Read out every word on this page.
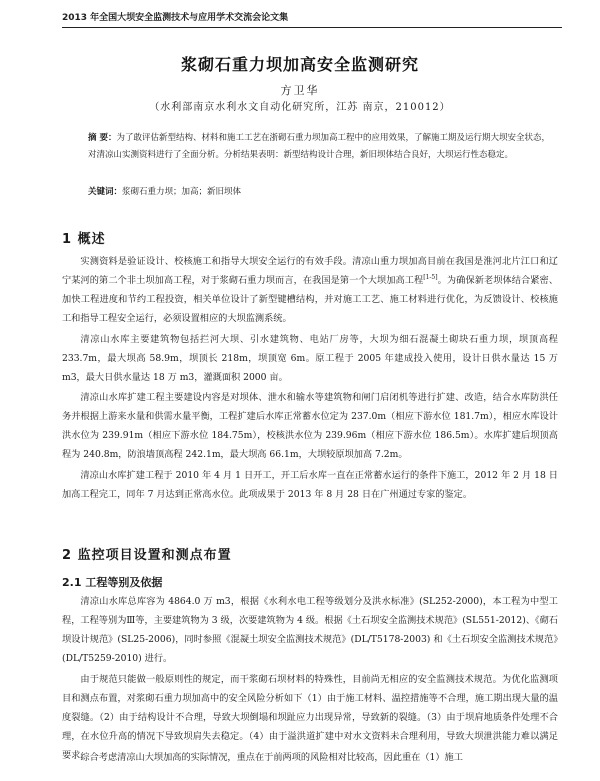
2013 年全国大坝安全监测技术与应用学术交流会论文集
浆砌石重力坝加高安全监测研究
方卫华
（水利部南京水利水文自动化研究所，江苏 南京，210012）
摘 要：为了敢评估新型结构、材料和施工工艺在浙砌石重力坝加高工程中的应用效果，了解施工期及运行期大坝安全状态，对清凉山实测资料进行了全面分析。分析结果表明：新型结构设计合理，新旧坝体结合良好，大坝运行性态稳定。
关键词：浆砌石重力坝；加高；新旧坝体
1 概述
实测资料是验证设计、校核施工和指导大坝安全运行的有效手段。清凉山重力坝加高目前在我国是淮河北片江口和辽宁某河的第二个非土坝加高工程，对于浆砌石重力坝而言，在我国是第一个大坝加高工程[1-5]。为确保新老坝体结合紧密、加快工程进度和节约工程投资，相关单位设计了新型键槽结构，并对施工工艺、施工材料进行优化，为反馈设计、校核施工和指导工程安全运行，必须设置相应的大坝监测系统。
清凉山水库主要建筑物包括拦河大坝、引水建筑物、电站厂房等，大坝为细石混凝土砌块石重力坝，坝顶高程 233.7m，最大坝高 58.9m，坝顶长 218m，坝顶宽 6m。原工程于 2005 年建成投入使用，设计日供水量达 15 万 m3，最大日供水量达 18 万 m3，灌溉面积 2000 亩。
清凉山水库扩建工程主要建设内容是对坝体、泄水和输水等建筑物和闸门启闭机等进行扩建、改造，结合水库防洪任务并根据上游来水量和供需水量平衡，工程扩建后水库正常蓄水位定为 237.0m（相应下游水位 181.7m），相应水库设计洪水位为 239.91m（相应下游水位 184.75m），校核洪水位为 239.96m（相应下游水位 186.5m）。水库扩建后坝顶高程为 240.8m，防浪墙顶高程 242.1m，最大坝高 66.1m，大坝较原坝加高 7.2m。
清凉山水库扩建工程于 2010 年 4 月 1 日开工，开工后水库一直在正常蓄水运行的条件下施工，2012 年 2 月 18 日加高工程完工，同年 7 月达到正常高水位。此项成果于 2013 年 8 月 28 日在广州通过专家的鉴定。
2 监控项目设置和测点布置
2.1 工程等别及依据
清凉山水库总库容为 4864.0 万 m3，根据《水利水电工程等级划分及洪水标准》(SL252-2000)，本工程为中型工程，工程等别为Ⅲ等，主要建筑物为 3 级，次要建筑物为 4 级。根据《土石坝安全监测技术规范》(SL551-2012)、《砌石坝设计规范》(SL25-2006)，同时参照《混凝土坝安全监测技术规范》(DL/T5178-2003) 和《土石坝安全监测技术规范》(DL/T5259-2010) 进行。
由于规范只能做一般原则性的规定，而干浆砌石坝材料的特殊性，目前尚无相应的安全监测技术规范。为优化监测项目和测点布置，对浆砌石重力坝加高中的安全风险分析如下（1）由于施工材料、温控措施等不合理，施工期出现大量的温度裂缝。（2）由于结构设计不合理，导致大坝倒塌和坝趾应力出现异常，导致新的裂缝。（3）由于坝肩地质条件处理不合理，在水位升高的情况下导致坝肩失去稳定。（4）由于溢洪道扩建中对水文资料未合理利用，导致大坝泄洪能力难以满足要求。
综合考虑清凉山大坝加高的实际情况，重点在于前两项的风险相对比较高，因此重在（1）施工
